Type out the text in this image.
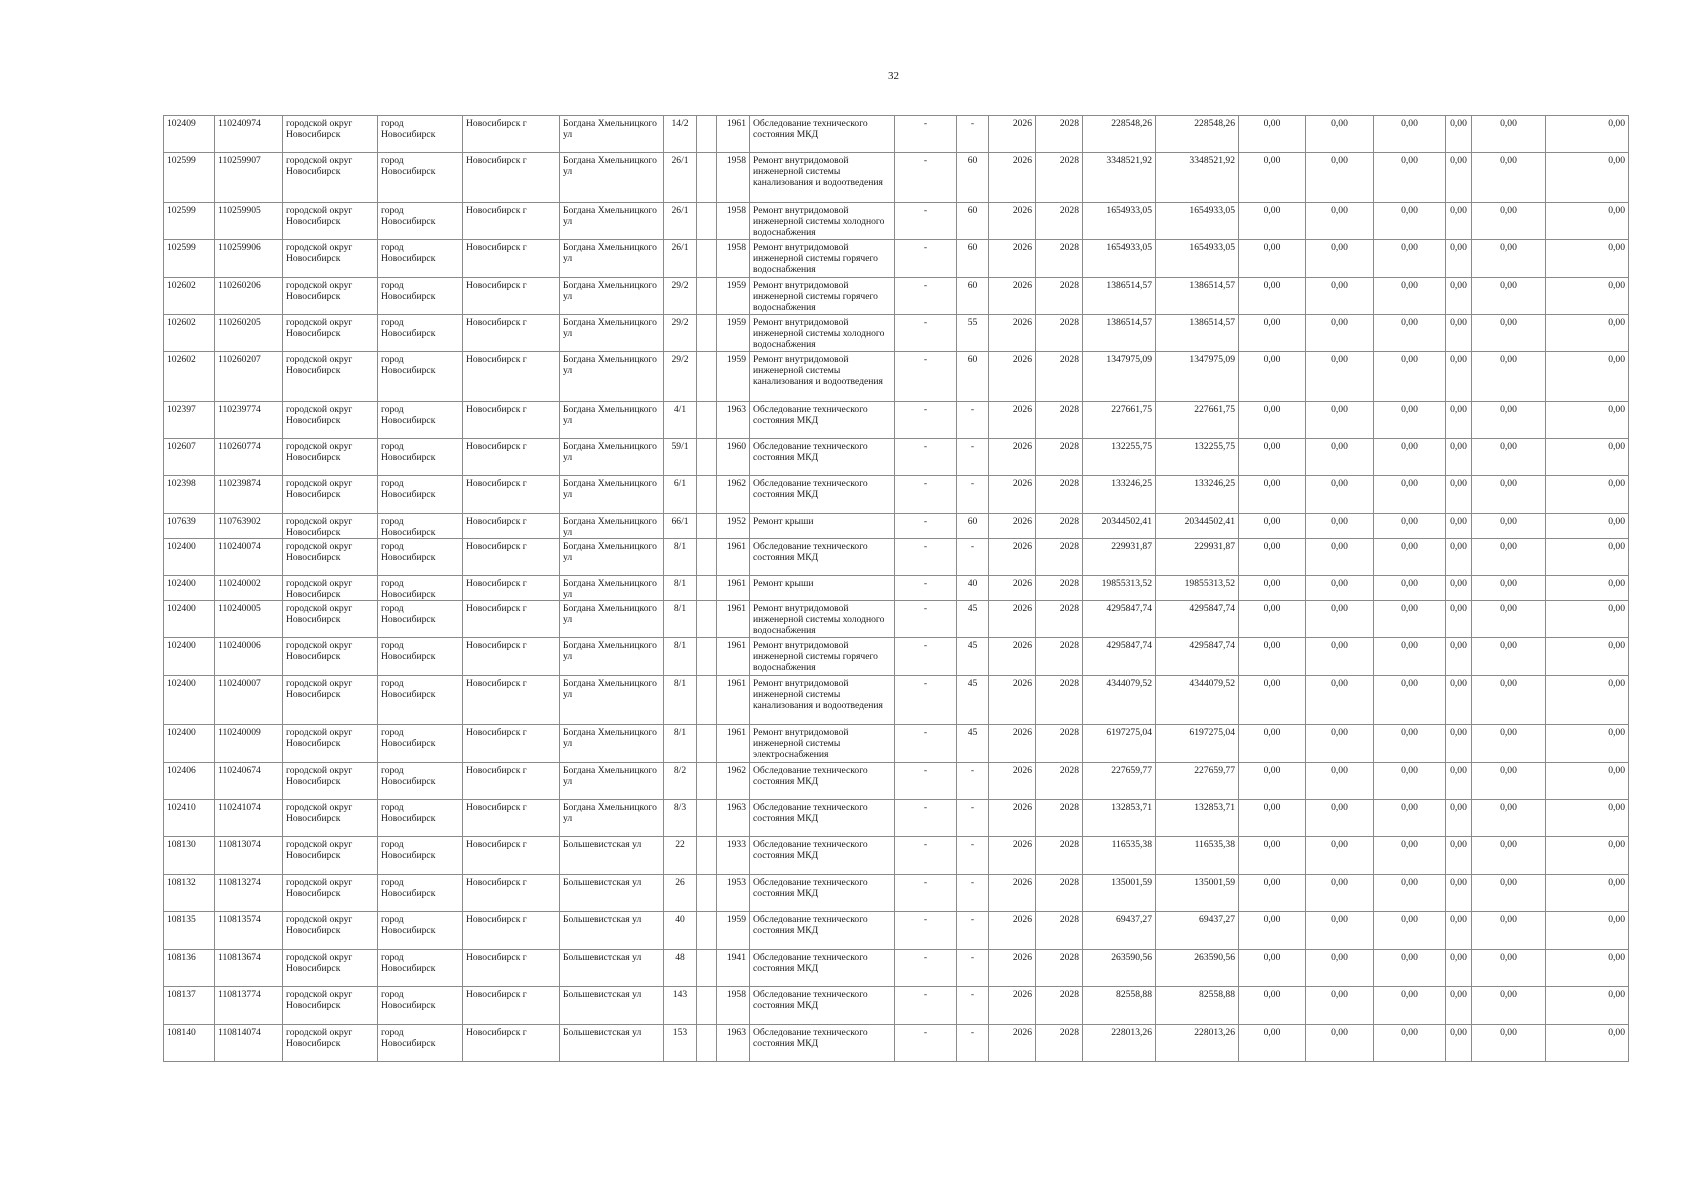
32
102409	110240974	городской округ Новосибирск	город Новосибирск	Новосибирск г	Богдана Хмельницкого ул	14/2		1961	Обследование технического состояния МКД	-	-	2026	2028	228548,26	228548,26	0,00	0,00	0,00	0,00	0,00	0,00
102599	110259907	городской округ Новосибирск	город Новосибирск	Новосибирск г	Богдана Хмельницкого ул	26/1		1958	Ремонт внутридомовой инженерной системы канализования и водоотведения	-	60	2026	2028	3348521,92	3348521,92	0,00	0,00	0,00	0,00	0,00	0,00
102599	110259905	городской округ Новосибирск	город Новосибирск	Новосибирск г	Богдана Хмельницкого ул	26/1		1958	Ремонт внутридомовой инженерной системы холодного водоснабжения	-	60	2026	2028	1654933,05	1654933,05	0,00	0,00	0,00	0,00	0,00	0,00
102599	110259906	городской округ Новосибирск	город Новосибирск	Новосибирск г	Богдана Хмельницкого ул	26/1		1958	Ремонт внутридомовой инженерной системы горячего водоснабжения	-	60	2026	2028	1654933,05	1654933,05	0,00	0,00	0,00	0,00	0,00	0,00
102602	110260206	городской округ Новосибирск	город Новосибирск	Новосибирск г	Богдана Хмельницкого ул	29/2		1959	Ремонт внутридомовой инженерной системы горячего водоснабжения	-	60	2026	2028	1386514,57	1386514,57	0,00	0,00	0,00	0,00	0,00	0,00
102602	110260205	городской округ Новосибирск	город Новосибирск	Новосибирск г	Богдана Хмельницкого ул	29/2		1959	Ремонт внутридомовой инженерной системы холодного водоснабжения	-	55	2026	2028	1386514,57	1386514,57	0,00	0,00	0,00	0,00	0,00	0,00
102602	110260207	городской округ Новосибирск	город Новосибирск	Новосибирск г	Богдана Хмельницкого ул	29/2		1959	Ремонт внутридомовой инженерной системы канализования и водоотведения	-	60	2026	2028	1347975,09	1347975,09	0,00	0,00	0,00	0,00	0,00	0,00
102397	110239774	городской округ Новосибирск	город Новосибирск	Новосибирск г	Богдана Хмельницкого ул	4/1		1963	Обследование технического состояния МКД	-	-	2026	2028	227661,75	227661,75	0,00	0,00	0,00	0,00	0,00	0,00
102607	110260774	городской округ Новосибирск	город Новосибирск	Новосибирск г	Богдана Хмельницкого ул	59/1		1960	Обследование технического состояния МКД	-	-	2026	2028	132255,75	132255,75	0,00	0,00	0,00	0,00	0,00	0,00
102398	110239874	городской округ Новосибирск	город Новосибирск	Новосибирск г	Богдана Хмельницкого ул	6/1		1962	Обследование технического состояния МКД	-	-	2026	2028	133246,25	133246,25	0,00	0,00	0,00	0,00	0,00	0,00
107639	110763902	городской округ Новосибирск	город Новосибирск	Новосибирск г	Богдана Хмельницкого ул	66/1		1952	Ремонт крыши	-	60	2026	2028	20344502,41	20344502,41	0,00	0,00	0,00	0,00	0,00	0,00
102400	110240074	городской округ Новосибирск	город Новосибирск	Новосибирск г	Богдана Хмельницкого ул	8/1		1961	Обследование технического состояния МКД	-	-	2026	2028	229931,87	229931,87	0,00	0,00	0,00	0,00	0,00	0,00
102400	110240002	городской округ Новосибирск	город Новосибирск	Новосибирск г	Богдана Хмельницкого ул	8/1		1961	Ремонт крыши	-	40	2026	2028	19855313,52	19855313,52	0,00	0,00	0,00	0,00	0,00	0,00
102400	110240005	городской округ Новосибирск	город Новосибирск	Новосибирск г	Богдана Хмельницкого ул	8/1		1961	Ремонт внутридомовой инженерной системы холодного водоснабжения	-	45	2026	2028	4295847,74	4295847,74	0,00	0,00	0,00	0,00	0,00	0,00
102400	110240006	городской округ Новосибирск	город Новосибирск	Новосибирск г	Богдана Хмельницкого ул	8/1		1961	Ремонт внутридомовой инженерной системы горячего водоснабжения	-	45	2026	2028	4295847,74	4295847,74	0,00	0,00	0,00	0,00	0,00	0,00
102400	110240007	городской округ Новосибирск	город Новосибирск	Новосибирск г	Богдана Хмельницкого ул	8/1		1961	Ремонт внутридомовой инженерной системы канализования и водоотведения	-	45	2026	2028	4344079,52	4344079,52	0,00	0,00	0,00	0,00	0,00	0,00
102400	110240009	городской округ Новосибирск	город Новосибирск	Новосибирск г	Богдана Хмельницкого ул	8/1		1961	Ремонт внутридомовой инженерной системы электроснабжения	-	45	2026	2028	6197275,04	6197275,04	0,00	0,00	0,00	0,00	0,00	0,00
102406	110240674	городской округ Новосибирск	город Новосибирск	Новосибирск г	Богдана Хмельницкого ул	8/2		1962	Обследование технического состояния МКД	-	-	2026	2028	227659,77	227659,77	0,00	0,00	0,00	0,00	0,00	0,00
102410	110241074	городской округ Новосибирск	город Новосибирск	Новосибирск г	Богдана Хмельницкого ул	8/3		1963	Обследование технического состояния МКД	-	-	2026	2028	132853,71	132853,71	0,00	0,00	0,00	0,00	0,00	0,00
108130	110813074	городской округ Новосибирск	город Новосибирск	Новосибирск г	Большевистская ул	22		1933	Обследование технического состояния МКД	-	-	2026	2028	116535,38	116535,38	0,00	0,00	0,00	0,00	0,00	0,00
108132	110813274	городской округ Новосибирск	город Новосибирск	Новосибирск г	Большевистская ул	26		1953	Обследование технического состояния МКД	-	-	2026	2028	135001,59	135001,59	0,00	0,00	0,00	0,00	0,00	0,00
108135	110813574	городской округ Новосибирск	город Новосибирск	Новосибирск г	Большевистская ул	40		1959	Обследование технического состояния МКД	-	-	2026	2028	69437,27	69437,27	0,00	0,00	0,00	0,00	0,00	0,00
108136	110813674	городской округ Новосибирск	город Новосибирск	Новосибирск г	Большевистская ул	48		1941	Обследование технического состояния МКД	-	-	2026	2028	263590,56	263590,56	0,00	0,00	0,00	0,00	0,00	0,00
108137	110813774	городской округ Новосибирск	город Новосибирск	Новосибирск г	Большевистская ул	143		1958	Обследование технического состояния МКД	-	-	2026	2028	82558,88	82558,88	0,00	0,00	0,00	0,00	0,00	0,00
108140	110814074	городской округ Новосибирск	город Новосибирск	Новосибирск г	Большевистская ул	153		1963	Обследование технического состояния МКД	-	-	2026	2028	228013,26	228013,26	0,00	0,00	0,00	0,00	0,00	0,00
